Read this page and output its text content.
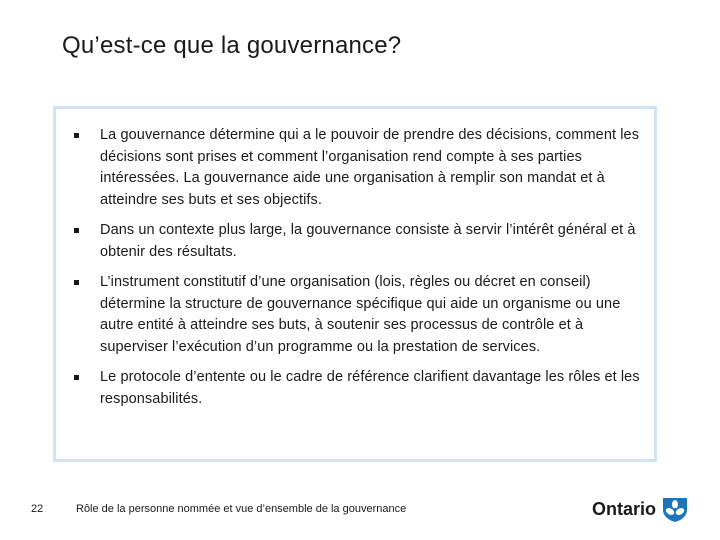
Qu’est-ce que la gouvernance?
La gouvernance détermine qui a le pouvoir de prendre des décisions, comment les décisions sont prises et comment l’organisation rend compte à ses parties intéressées. La gouvernance aide une organisation à remplir son mandat et à atteindre ses buts et ses objectifs.
Dans un contexte plus large, la gouvernance consiste à servir l’intérêt général et à obtenir des résultats.
L’instrument constitutif d’une organisation (lois, règles ou décret en conseil) détermine la structure de gouvernance spécifique qui aide un organisme ou une autre entité à atteindre ses buts, à soutenir ses processus de contrôle et à superviser l’exécution d’un programme ou la prestation de services.
Le protocole d’entente ou le cadre de référence clarifient davantage les rôles et les responsabilités.
22	Rôle de la personne nommée et vue d’ensemble de la gouvernance	Ontario
